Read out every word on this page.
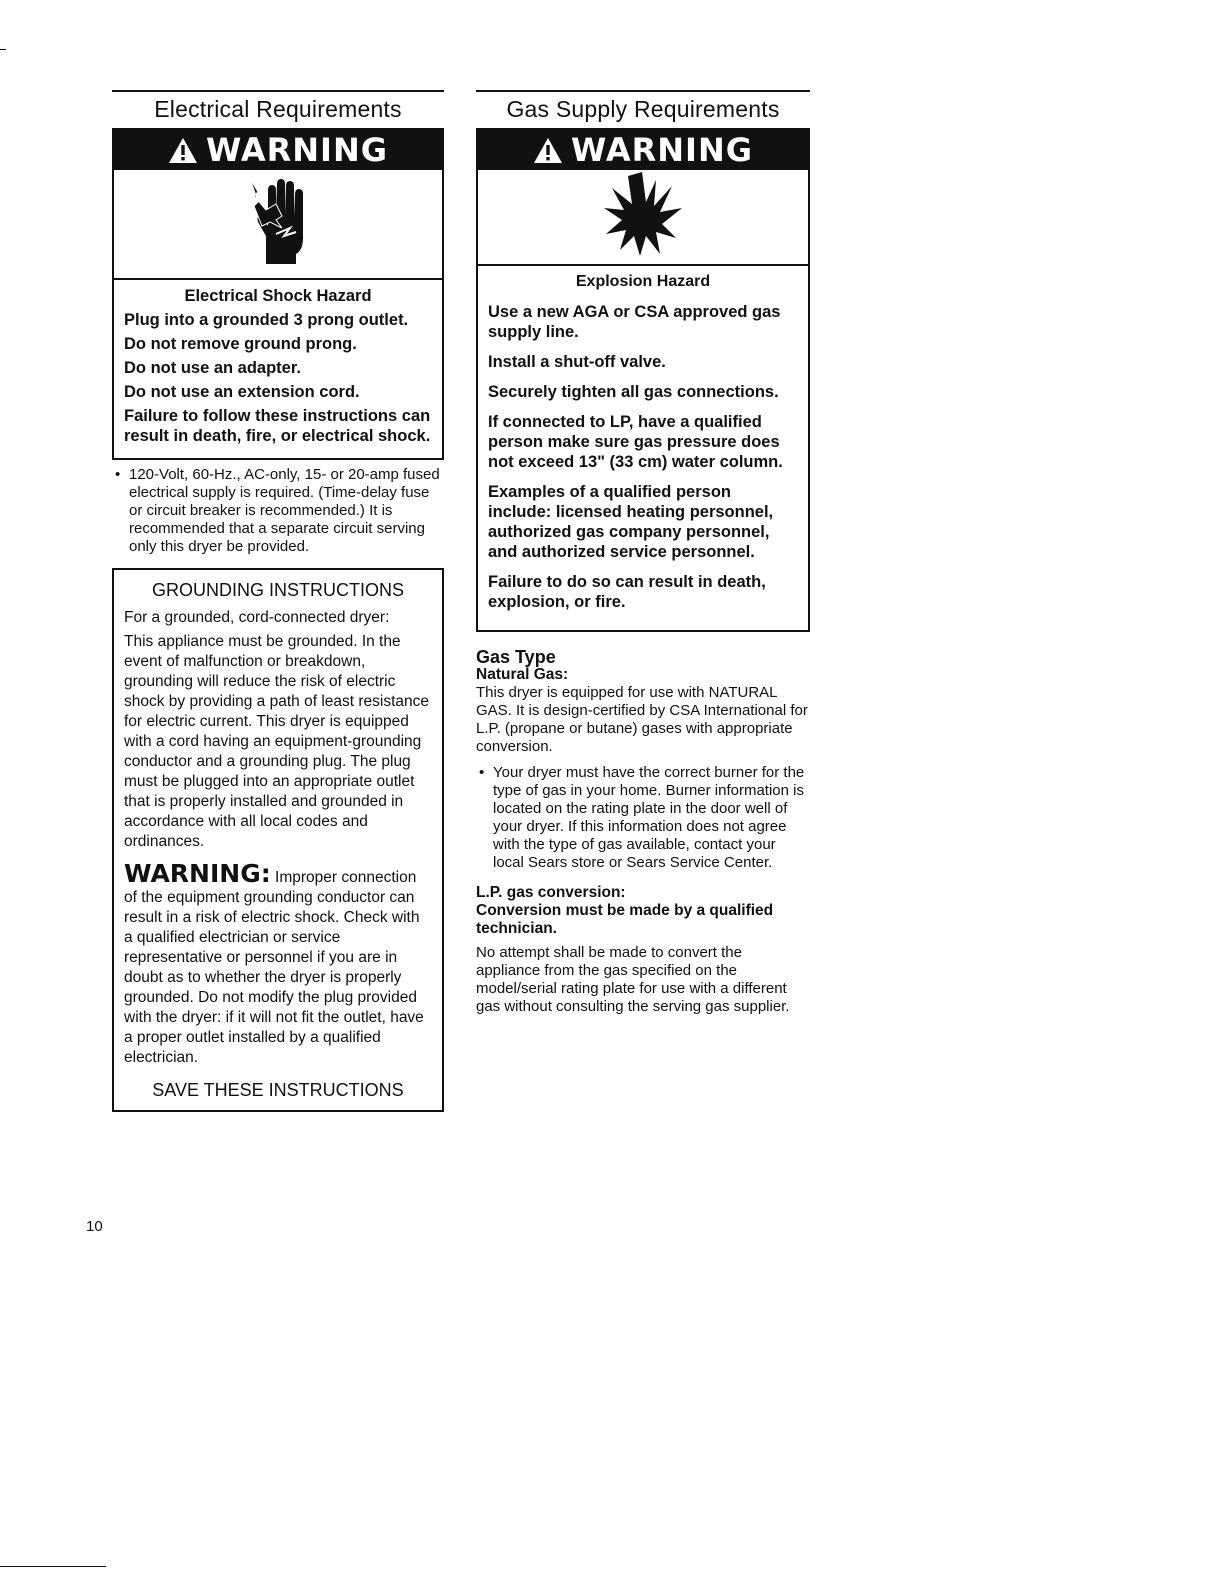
Electrical Requirements
WARNING

Electrical Shock Hazard

Plug into a grounded 3 prong outlet.

Do not remove ground prong.

Do not use an adapter.

Do not use an extension cord.

Failure to follow these instructions can result in death, fire, or electrical shock.

• 120-Volt, 60-Hz., AC-only, 15- or 20-amp fused electrical supply is required. (Time-delay fuse or circuit breaker is recommended.) It is recommended that a separate circuit serving only this dryer be provided.
GROUNDING INSTRUCTIONS

For a grounded, cord-connected dryer:

This appliance must be grounded. In the event of malfunction or breakdown, grounding will reduce the risk of electric shock by providing a path of least resistance for electric current. This dryer is equipped with a cord having an equipment-grounding conductor and a grounding plug. The plug must be plugged into an appropriate outlet that is properly installed and grounded in accordance with all local codes and ordinances.

WARNING: Improper connection of the equipment grounding conductor can result in a risk of electric shock. Check with a qualified electrician or service representative or personnel if you are in doubt as to whether the dryer is properly grounded. Do not modify the plug provided with the dryer: if it will not fit the outlet, have a proper outlet installed by a qualified electrician.

SAVE THESE INSTRUCTIONS
Gas Supply Requirements
WARNING

Explosion Hazard

Use a new AGA or CSA approved gas supply line.

Install a shut-off valve.

Securely tighten all gas connections.

If connected to LP, have a qualified person make sure gas pressure does not exceed 13" (33 cm) water column.

Examples of a qualified person include: licensed heating personnel, authorized gas company personnel, and authorized service personnel.

Failure to do so can result in death, explosion, or fire.

Gas Type

Natural Gas:

This dryer is equipped for use with NATURAL GAS. It is design-certified by CSA International for L.P. (propane or butane) gases with appropriate conversion.

• Your dryer must have the correct burner for the type of gas in your home. Burner information is located on the rating plate in the door well of your dryer. If this information does not agree with the type of gas available, contact your local Sears store or Sears Service Center.

L.P. gas conversion:

Conversion must be made by a qualified technician.

No attempt shall be made to convert the appliance from the gas specified on the model/serial rating plate for use with a different gas without consulting the serving gas supplier.

10
